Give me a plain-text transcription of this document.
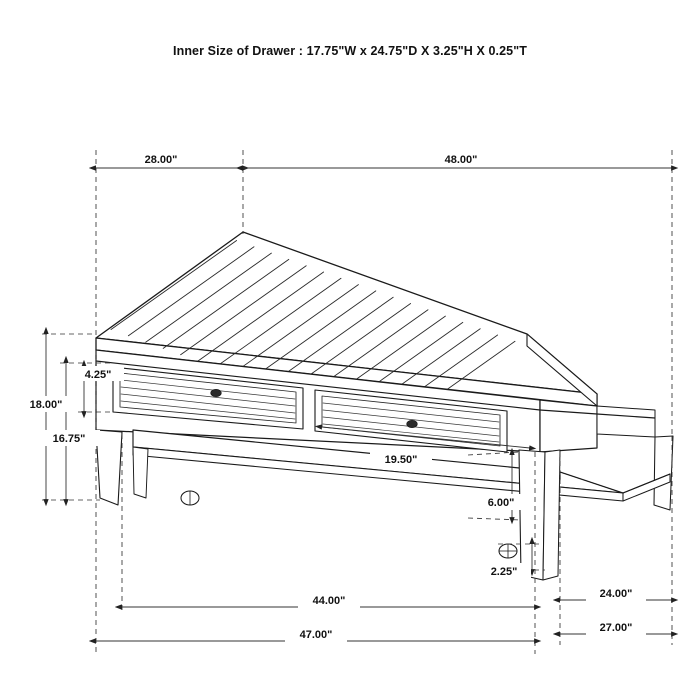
Inner Size of Drawer : 17.75"W x 24.75"D X 3.25"H X 0.25"T
28.00"	48.00"
18.00"
16.75"
4.25"
19.50"
6.00"
2.25"
44.00"
24.00"
47.00"
27.00"
